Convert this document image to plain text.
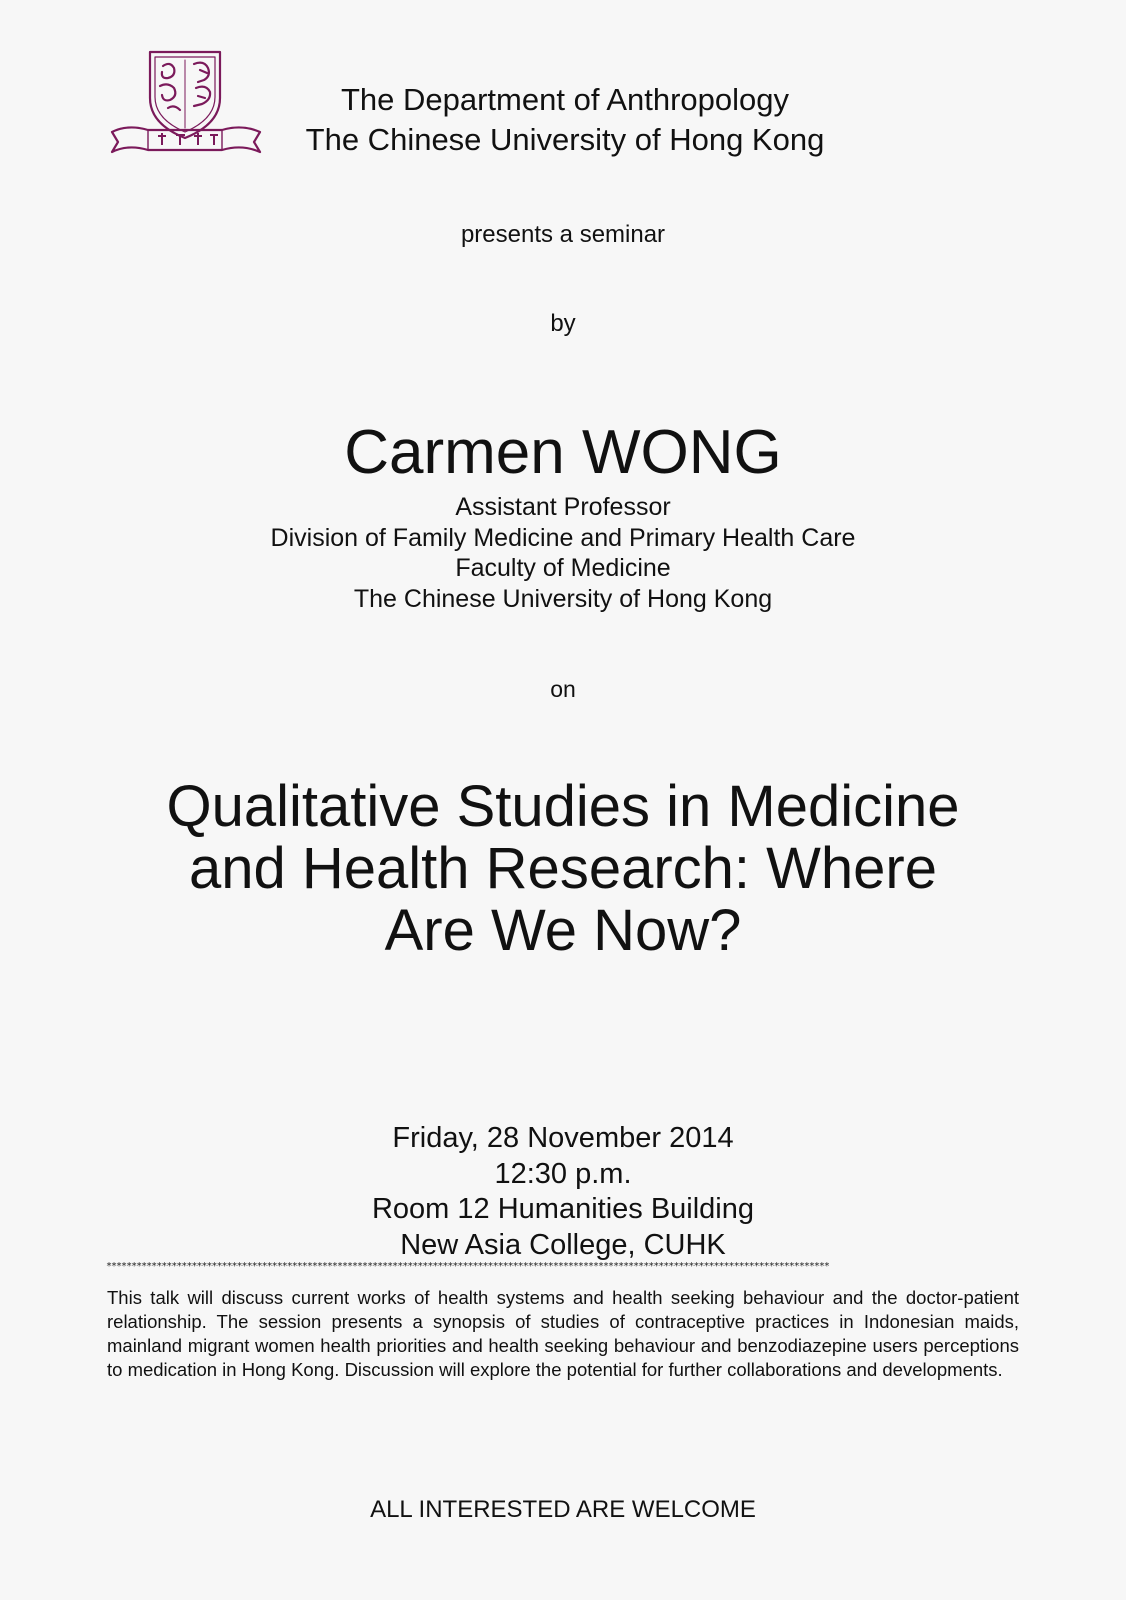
The Department of Anthropology
The Chinese University of Hong Kong
presents a seminar
by
Carmen WONG
Assistant Professor
Division of Family Medicine and Primary Health Care
Faculty of Medicine
The Chinese University of Hong Kong
on
Qualitative Studies in Medicine
and Health Research: Where
Are We Now?
Friday, 28 November 2014
12:30 p.m.
Room 12 Humanities Building
New Asia College, CUHK
************************************************************************************************************************************************
This talk will discuss current works of health systems and health seeking behaviour and the doctor-patient relationship. The session presents a synopsis of studies of contraceptive practices in Indonesian maids, mainland migrant women health priorities and health seeking behaviour and benzodiazepine users perceptions to medication in Hong Kong. Discussion will explore the potential for further collaborations and developments.
ALL INTERESTED ARE WELCOME
